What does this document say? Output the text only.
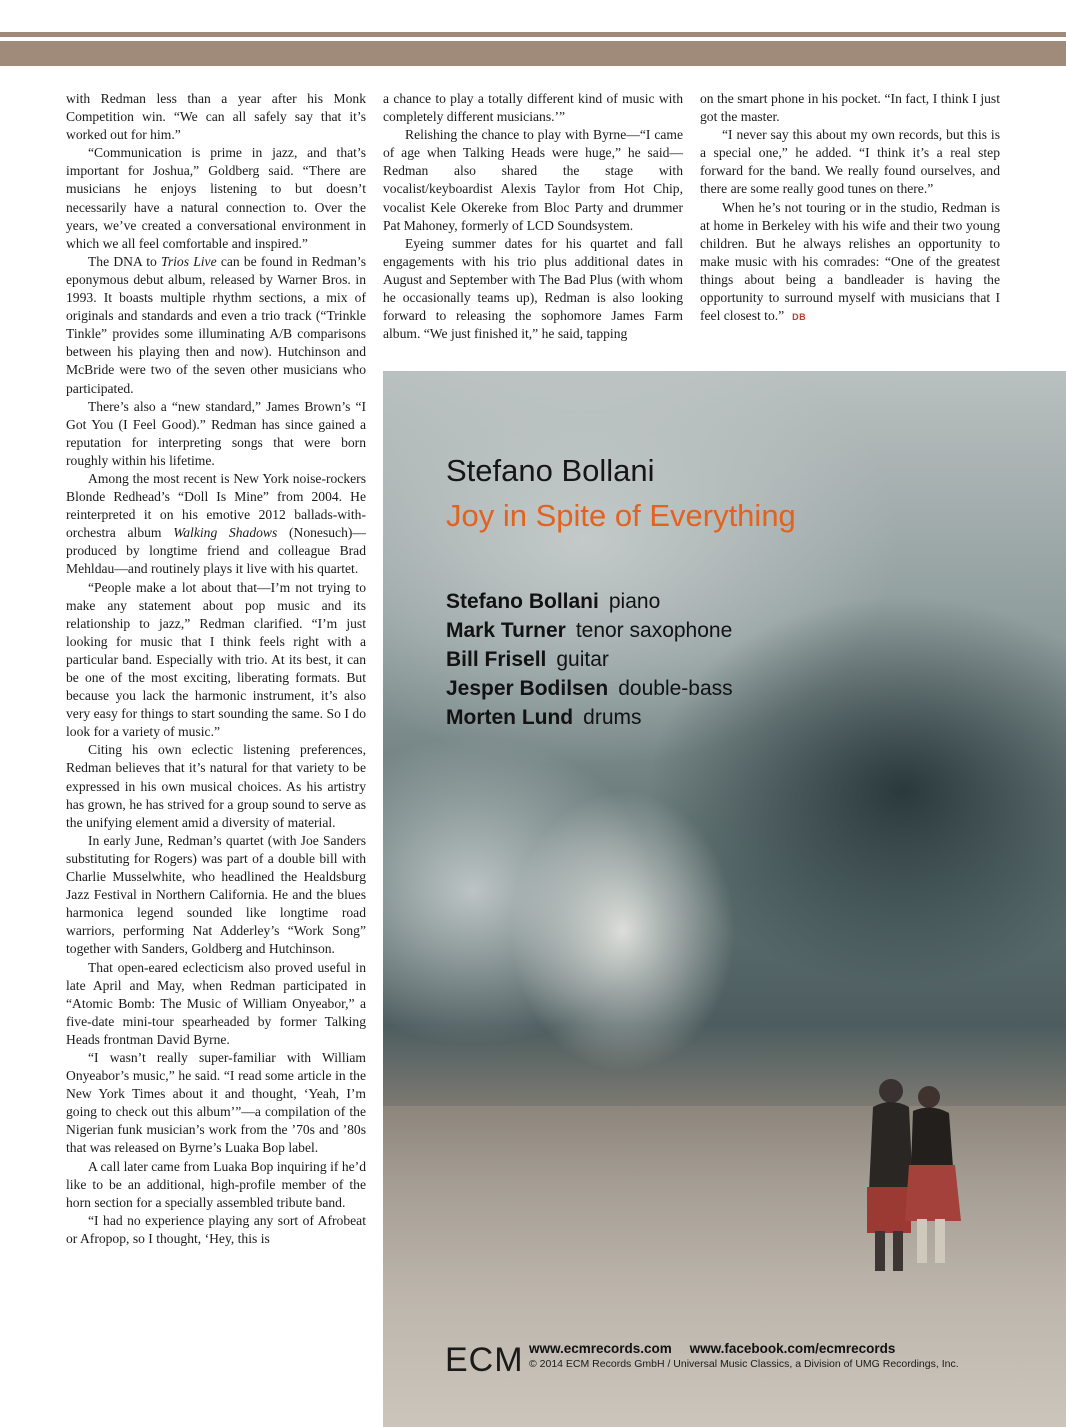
with Redman less than a year after his Monk Competition win. “We can all safely say that it’s worked out for him.”

“Communication is prime in jazz, and that’s important for Joshua,” Goldberg said. “There are musicians he enjoys listening to but doesn’t necessarily have a natural connection to. Over the years, we’ve created a conversational environment in which we all feel comfortable and inspired.”

The DNA to Trios Live can be found in Redman’s eponymous debut album, released by Warner Bros. in 1993. It boasts multiple rhythm sections, a mix of originals and standards and even a trio track (“Trinkle Tinkle” provides some illuminating A/B comparisons between his playing then and now). Hutchinson and McBride were two of the seven other musicians who participated.

There’s also a “new standard,” James Brown’s “I Got You (I Feel Good).” Redman has since gained a reputation for interpreting songs that were born roughly within his lifetime.

Among the most recent is New York noise-rockers Blonde Redhead’s “Doll Is Mine” from 2004. He reinterpreted it on his emotive 2012 ballads-with-orchestra album Walking Shadows (Nonesuch)—produced by longtime friend and colleague Brad Mehldau—and routinely plays it live with his quartet.

“People make a lot about that—I’m not trying to make any statement about pop music and its relationship to jazz,” Redman clarified. “I’m just looking for music that I think feels right with a particular band. Especially with trio. At its best, it can be one of the most exciting, liberating formats. But because you lack the harmonic instrument, it’s also very easy for things to start sounding the same. So I do look for a variety of music.”

Citing his own eclectic listening preferences, Redman believes that it’s natural for that variety to be expressed in his own musical choices. As his artistry has grown, he has strived for a group sound to serve as the unifying element amid a diversity of material.

In early June, Redman’s quartet (with Joe Sanders substituting for Rogers) was part of a double bill with Charlie Musselwhite, who headlined the Healdsburg Jazz Festival in Northern California. He and the blues harmonica legend sounded like longtime road warriors, performing Nat Adderley’s “Work Song” together with Sanders, Goldberg and Hutchinson.

That open-eared eclecticism also proved useful in late April and May, when Redman participated in “Atomic Bomb: The Music of William Onyeabor,” a five-date mini-tour spearheaded by former Talking Heads frontman David Byrne.

“I wasn’t really super-familiar with William Onyeabor’s music,” he said. “I read some article in the New York Times about it and thought, ‘Yeah, I’m going to check out this album’”—a compilation of the Nigerian funk musician’s work from the ’70s and ’80s that was released on Byrne’s Luaka Bop label.

A call later came from Luaka Bop inquiring if he’d like to be an additional, high-profile member of the horn section for a specially assembled tribute band.

“I had no experience playing any sort of Afrobeat or Afropop, so I thought, ‘Hey, this is

a chance to play a totally different kind of music with completely different musicians.’”

Relishing the chance to play with Byrne—“I came of age when Talking Heads were huge,” he said—Redman also shared the stage with vocalist/keyboardist Alexis Taylor from Hot Chip, vocalist Kele Okereke from Bloc Party and drummer Pat Mahoney, formerly of LCD Soundsystem.

Eyeing summer dates for his quartet and fall engagements with his trio plus additional dates in August and September with The Bad Plus (with whom he occasionally teams up), Redman is also looking forward to releasing the sophomore James Farm album. “We just finished it,” he said, tapping

on the smart phone in his pocket. “In fact, I think I just got the master.

“I never say this about my own records, but this is a special one,” he added. “I think it’s a real step forward for the band. We really found ourselves, and there are some really good tunes on there.”

When he’s not touring or in the studio, Redman is at home in Berkeley with his wife and their two young children. But he always relishes an opportunity to make music with his comrades: “One of the greatest things about being a bandleader is having the opportunity to surround myself with musicians that I feel closest to.” DB

Stefano Bollani
Joy in Spite of Everything
Stefano Bollani piano
Mark Turner tenor saxophone
Bill Frisell guitar
Jesper Bodilsen double-bass
Morten Lund drums
ECM www.ecmrecords.com www.facebook.com/ecmrecords
© 2014 ECM Records GmbH / Universal Music Classics, a Division of UMG Recordings, Inc.
